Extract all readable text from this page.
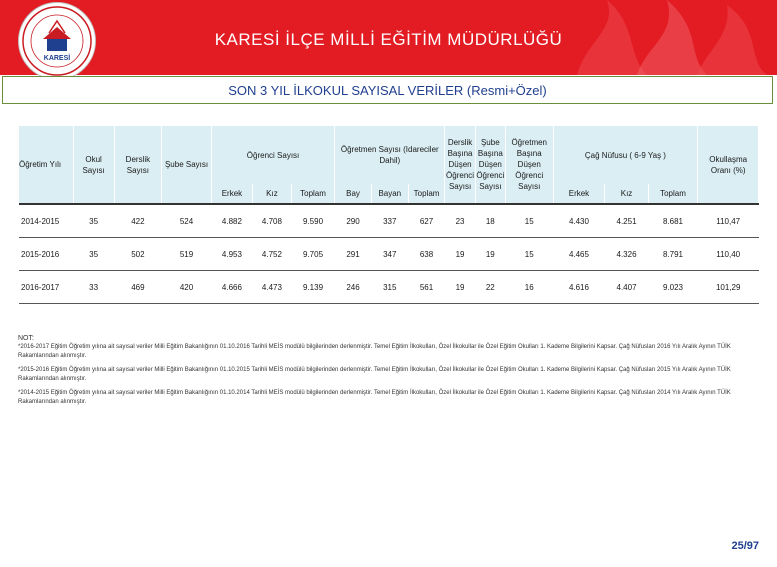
KARESİ İLÇE MİLLİ EĞİTİM MÜDÜRLÜĞÜ
KARESİ
SON 3 YIL İLKOKUL SAYISAL VERİLER (Resmi+Özel)
Öğretim Yılı	Okul Sayısı	Derslik Sayısı	Şube Sayısı	Öğrenci Sayısı			Öğretmen Sayısı (Idareciler Dahil)			Derslik Başına Düşen Öğrenci Sayısı	Şube Başına Düşen Öğrenci Sayısı	Öğretmen Başına Düşen Öğrenci Sayısı	Çağ Nüfusu ( 6-9 Yaş )			Okullaşma Oranı (%)
				Erkek	Kız	Toplam	Bay	Bayan	Toplam				Erkek	Kız	Toplam	
2014-2015	35	422	524	4.882	4.708	9.590	290	337	627	23	18	15	4.430	4.251	8.681	110,47
2015-2016	35	502	519	4.953	4.752	9.705	291	347	638	19	19	15	4.465	4.326	8.791	110,40
2016-2017	33	469	420	4.666	4.473	9.139	246	315	561	19	22	16	4.616	4.407	9.023	101,29
NOT:

*2016-2017 Eğitim Öğretim yılına ait sayısal veriler Milli Eğitim Bakanlığının 01.10.2016 Tarihli MEİS modülü bilgilerinden derlenmiştir. Temel Eğitim İlkokulları, Özel İlkokullar ile Özel Eğitim Okulları 1. Kademe Bilgilerini Kapsar. Çağ Nüfusları 2016 Yılı Aralık Ayının TÜİK Rakamlarından alınmıştır.

*2015-2016 Eğitim Öğretim yılına ait sayısal veriler Milli Eğitim Bakanlığının 01.10.2015 Tarihli MEİS modülü bilgilerinden derlenmiştir. Temel Eğitim İlkokulları, Özel İlkokullar ile Özel Eğitim Okulları 1. Kademe Bilgilerini Kapsar. Çağ Nüfusları 2015 Yılı Aralık Ayının TÜİK Rakamlarından alınmıştır.

*2014-2015 Eğitim Öğretim yılına ait sayısal veriler Milli Eğitim Bakanlığının 01.10.2014 Tarihli MEİS modülü bilgilerinden derlenmiştir. Temel Eğitim İlkokulları, Özel İlkokullar ile Özel Eğitim Okulları 1. Kademe Bilgilerini Kapsar. Çağ Nüfusları 2014 Yılı Aralık Ayının TÜİK Rakamlarından alınmıştır.

25/97
